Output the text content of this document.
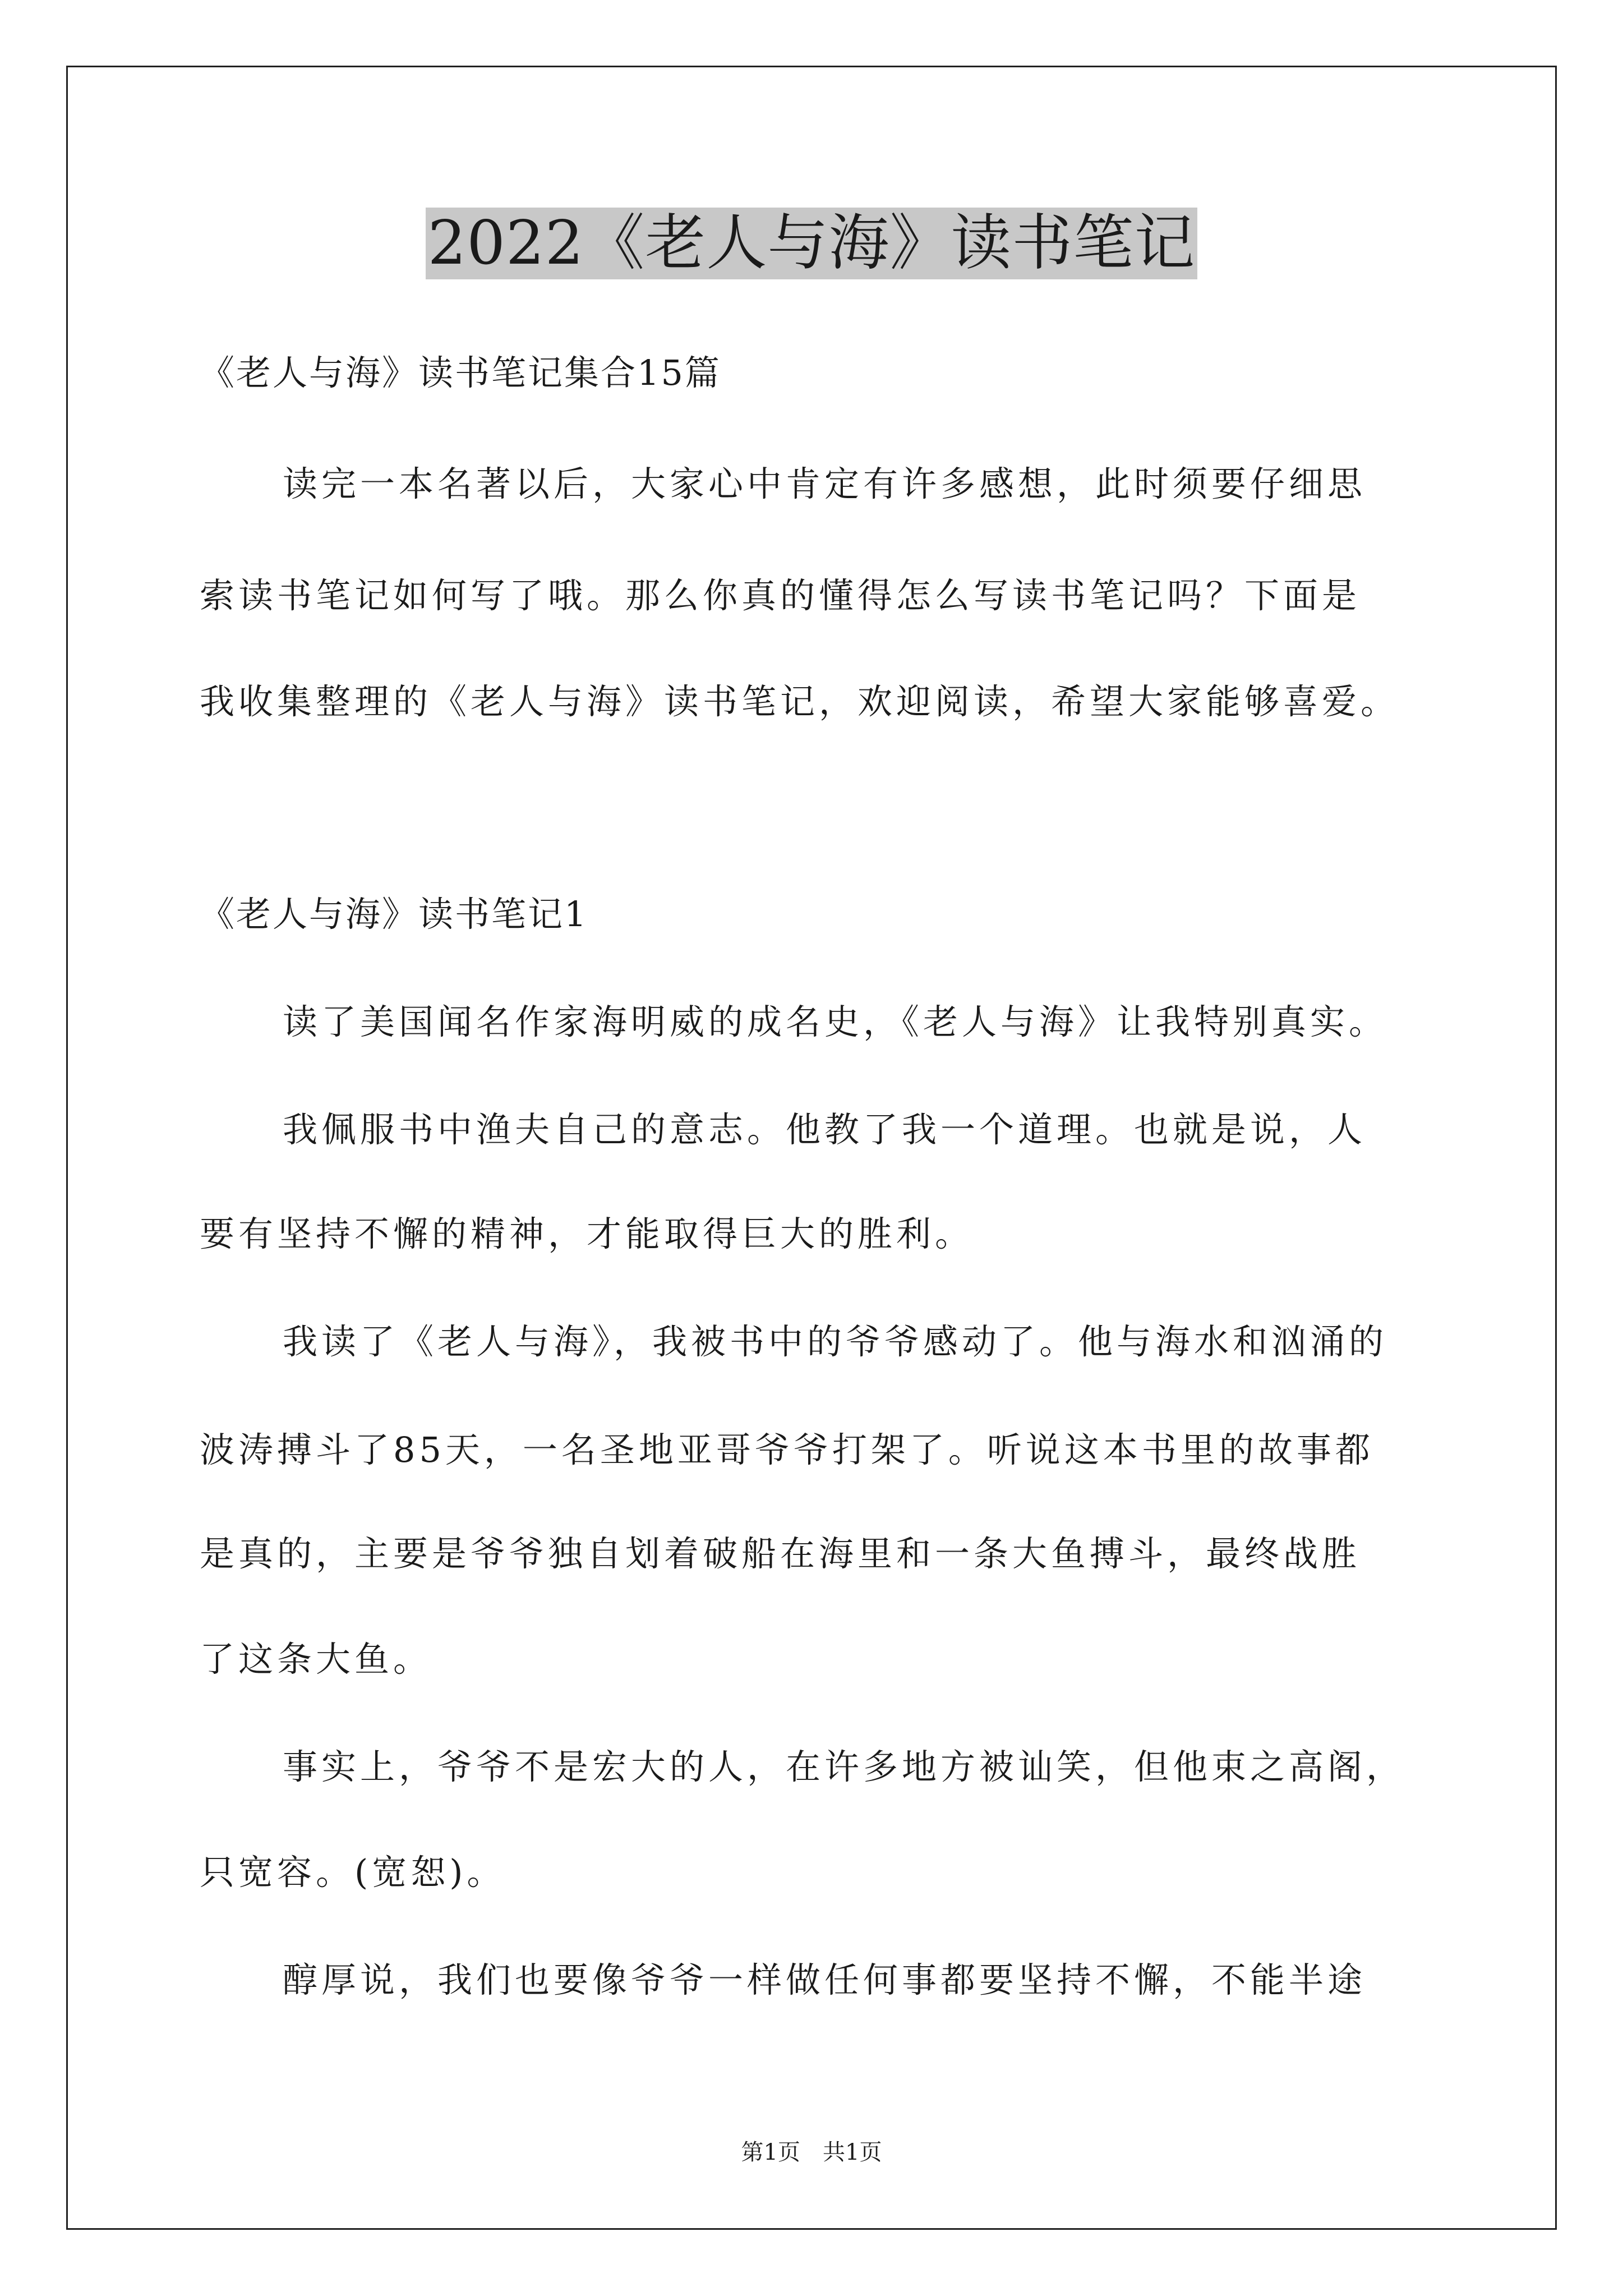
2022《老人与海》读书笔记
《老人与海》读书笔记集合15篇
读完一本名著以后，大家心中肯定有许多感想，此时须要仔细思
索读书笔记如何写了哦。那么你真的懂得怎么写读书笔记吗？下面是
我收集整理的《老人与海》读书笔记，欢迎阅读，希望大家能够喜爱。
《老人与海》读书笔记1
读了美国闻名作家海明威的成名史，《老人与海》让我特别真实。
我佩服书中渔夫自己的意志。他教了我一个道理。也就是说，人
要有坚持不懈的精神，才能取得巨大的胜利。
我读了《老人与海》，我被书中的爷爷感动了。他与海水和汹涌的
波涛搏斗了85天，一名圣地亚哥爷爷打架了。听说这本书里的故事都
是真的，主要是爷爷独自划着破船在海里和一条大鱼搏斗，最终战胜
了这条大鱼。
事实上，爷爷不是宏大的人，在许多地方被讪笑，但他束之高阁，
只宽容。(宽恕)。
醇厚说，我们也要像爷爷一样做任何事都要坚持不懈，不能半途
第1页　共1页
